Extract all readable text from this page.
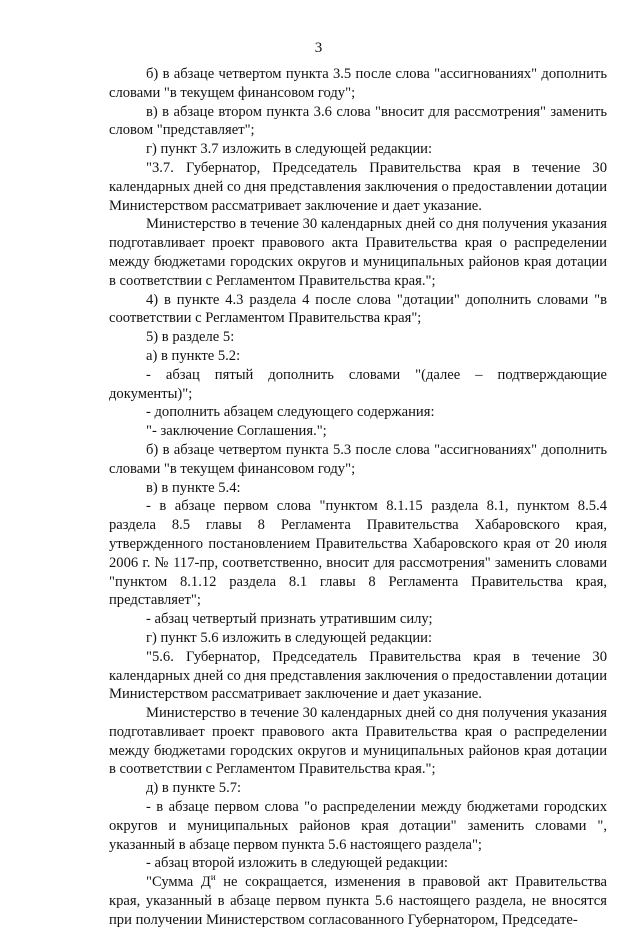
3

б) в абзаце четвертом пункта 3.5 после слова "ассигнованиях" дополнить словами "в текущем финансовом году";

в) в абзаце втором пункта 3.6 слова "вносит для рассмотрения" заменить словом "представляет";

г) пункт 3.7 изложить в следующей редакции:

"3.7. Губернатор, Председатель Правительства края в течение 30 календарных дней со дня представления заключения о предоставлении дотации Министерством рассматривает заключение и дает указание.

Министерство в течение 30 календарных дней со дня получения указания подготавливает проект правового акта Правительства края о распределении между бюджетами городских округов и муниципальных районов края дотации в соответствии с Регламентом Правительства края.";

4) в пункте 4.3 раздела 4 после слова "дотации" дополнить словами "в соответствии с Регламентом Правительства края";

5) в разделе 5:

а) в пункте 5.2:

- абзац пятый дополнить словами "(далее – подтверждающие документы)";

- дополнить абзацем следующего содержания:

"- заключение Соглашения.";

б) в абзаце четвертом пункта 5.3 после слова "ассигнованиях" дополнить словами "в текущем финансовом году";

в) в пункте 5.4:

- в абзаце первом слова "пунктом 8.1.15 раздела 8.1, пунктом 8.5.4 раздела 8.5 главы 8 Регламента Правительства Хабаровского края, утвержденного постановлением Правительства Хабаровского края от 20 июля 2006 г. № 117-пр, соответственно, вносит для рассмотрения" заменить словами "пунктом 8.1.12 раздела 8.1 главы 8 Регламента Правительства края, представляет";

- абзац четвертый признать утратившим силу;

г) пункт 5.6 изложить в следующей редакции:

"5.6. Губернатор, Председатель Правительства края в течение 30 календарных дней со дня представления заключения о предоставлении дотации Министерством рассматривает заключение и дает указание.

Министерство в течение 30 календарных дней со дня получения указания подготавливает проект правового акта Правительства края о распределении между бюджетами городских округов и муниципальных районов края дотации в соответствии с Регламентом Правительства края.";

д) в пункте 5.7:

- в абзаце первом слова "о распределении между бюджетами городских округов и муниципальных районов края дотации" заменить словами ", указанный в абзаце первом пункта 5.6 настоящего раздела";

- абзац второй изложить в следующей редакции:

"Сумма $Д^и$ не сокращается, изменения в правовой акт Правительства края, указанный в абзаце первом пункта 5.6 настоящего раздела, не вносятся при получении Министерством согласованного Губернатором, Председате-
